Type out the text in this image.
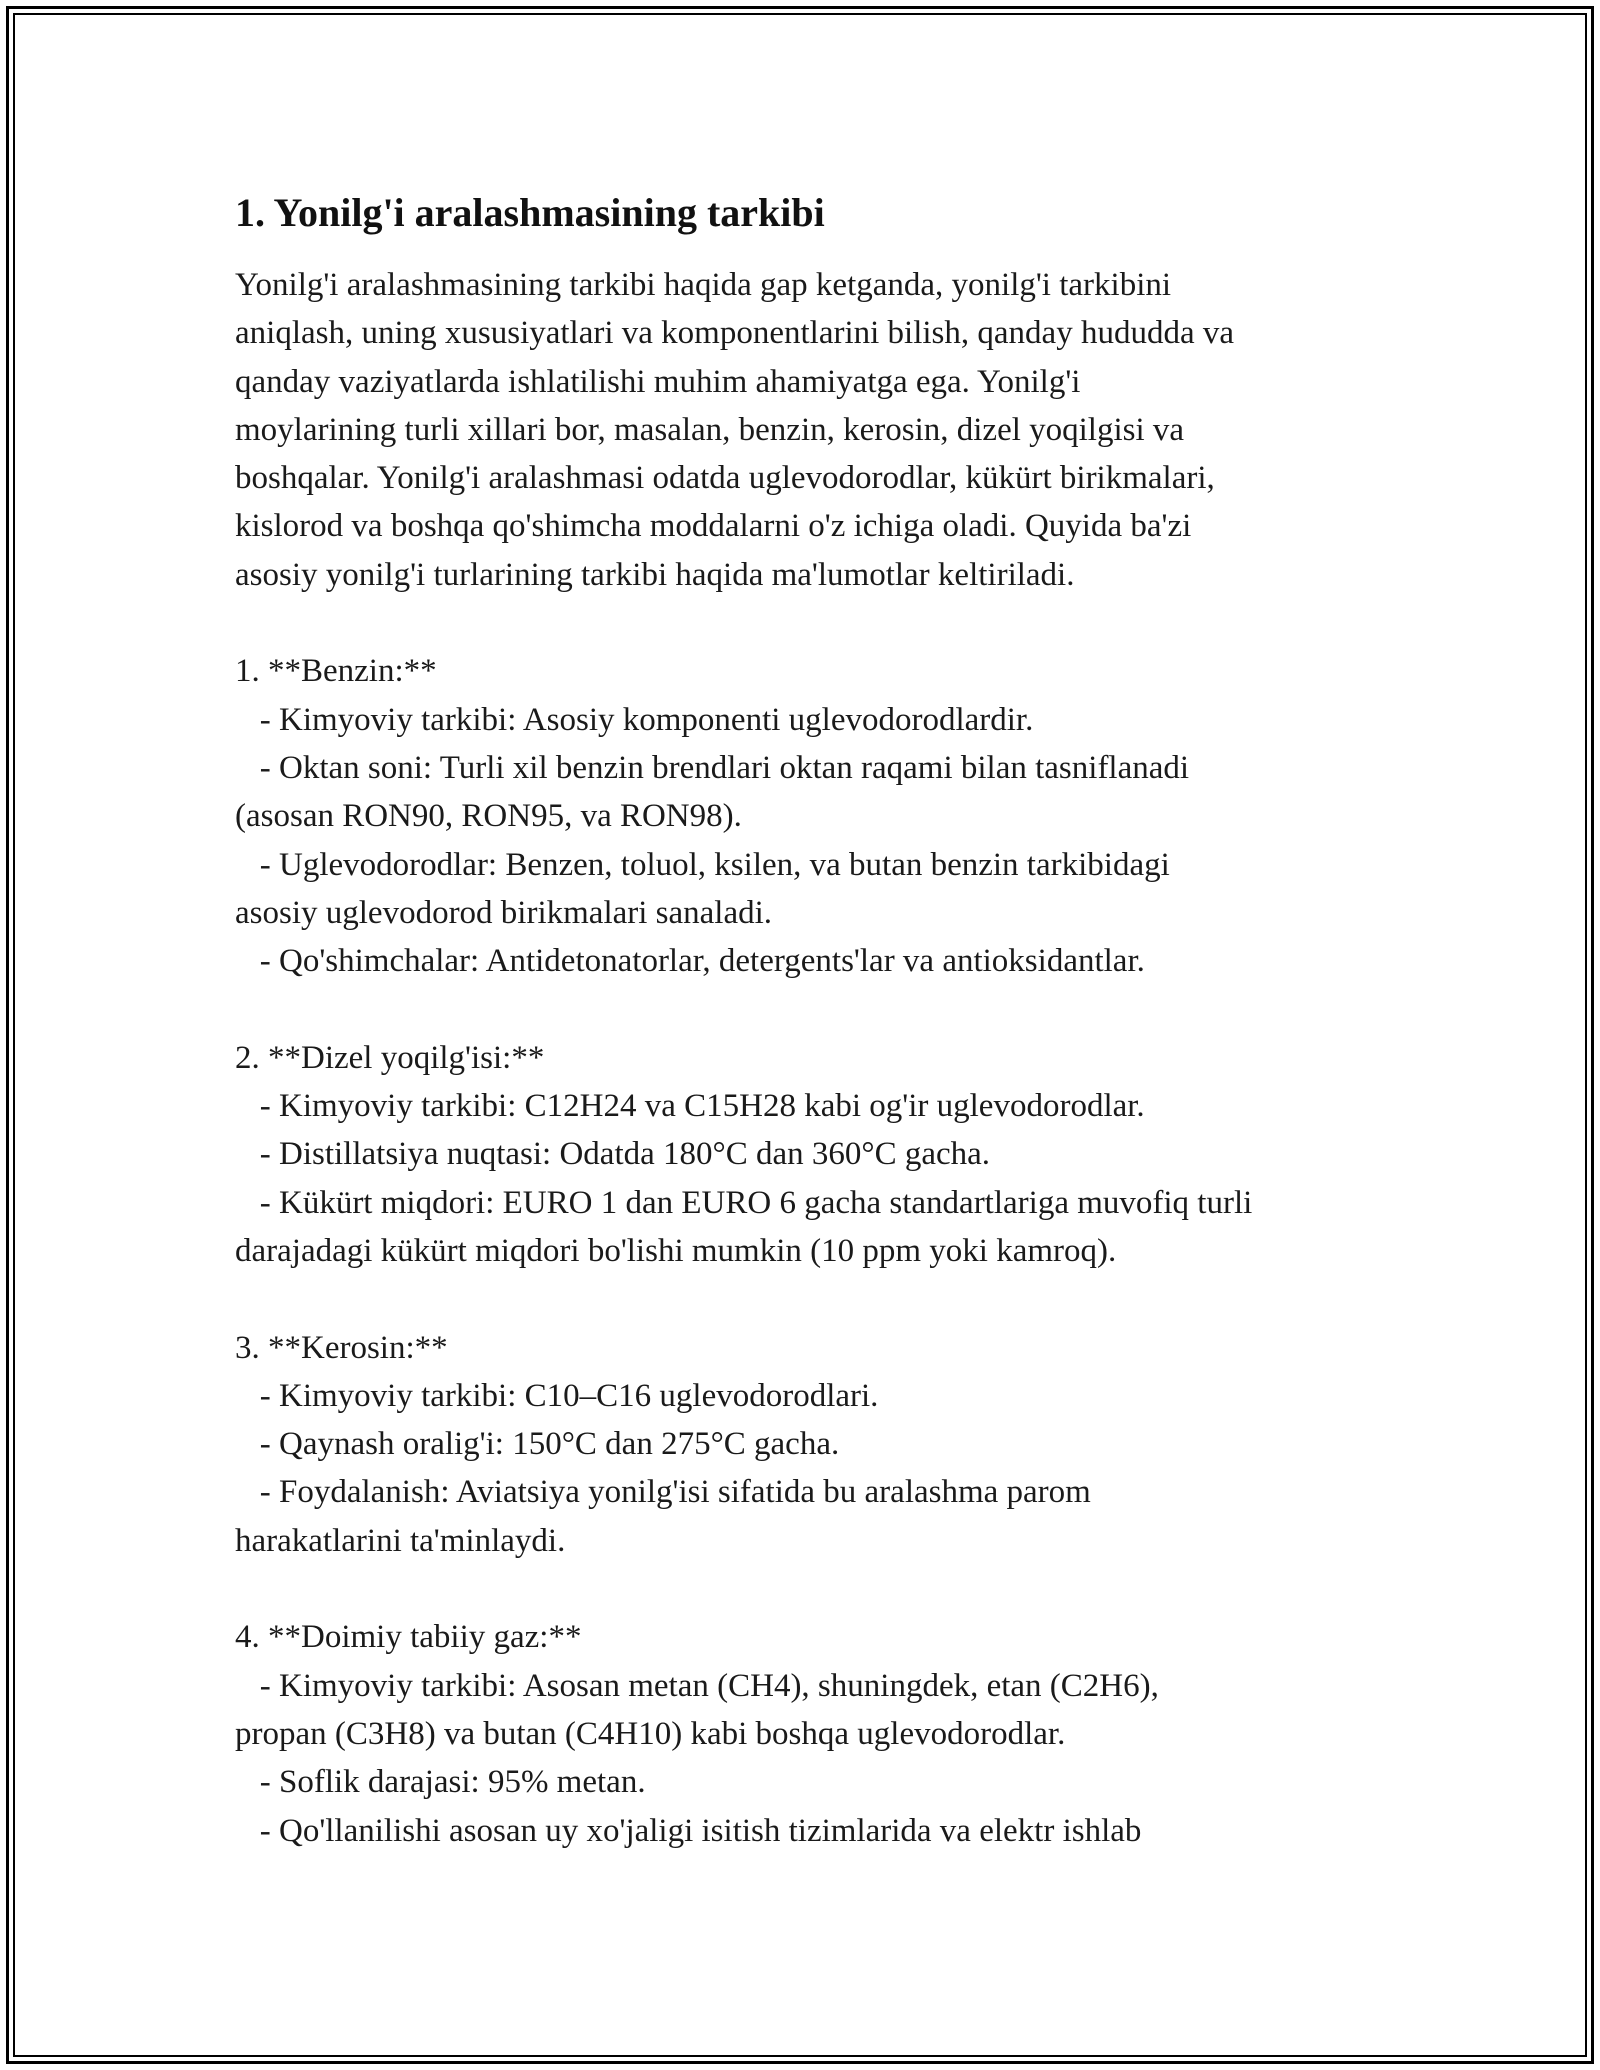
1. Yonilg'i aralashmasining tarkibi

Yonilg'i aralashmasining tarkibi haqida gap ketganda, yonilg'i tarkibini
aniqlash, uning xususiyatlari va komponentlarini bilish, qanday hududda va
qanday vaziyatlarda ishlatilishi muhim ahamiyatga ega. Yonilg'i
moylarining turli xillari bor, masalan, benzin, kerosin, dizel yoqilgisi va
boshqalar. Yonilg'i aralashmasi odatda uglevodorodlar, kükürt birikmalari,
kislorod va boshqa qo'shimcha moddalarni o'z ichiga oladi. Quyida ba'zi
asosiy yonilg'i turlarining tarkibi haqida ma'lumotlar keltiriladi.

1. **Benzin:**
- Kimyoviy tarkibi: Asosiy komponenti uglevodorodlardir.
- Oktan soni: Turli xil benzin brendlari oktan raqami bilan tasniflanadi
(asosan RON90, RON95, va RON98).
- Uglevodorodlar: Benzen, toluol, ksilen, va butan benzin tarkibidagi
asosiy uglevodorod birikmalari sanaladi.
- Qo'shimchalar: Antidetonatorlar, detergents'lar va antioksidantlar.

2. **Dizel yoqilg'isi:**
- Kimyoviy tarkibi: C12H24 va C15H28 kabi og'ir uglevodorodlar.
- Distillatsiya nuqtasi: Odatda 180°C dan 360°C gacha.
- Kükürt miqdori: EURO 1 dan EURO 6 gacha standartlariga muvofiq turli
darajadagi kükürt miqdori bo'lishi mumkin (10 ppm yoki kamroq).

3. **Kerosin:**
- Kimyoviy tarkibi: C10–C16 uglevodorodlari.
- Qaynash oralig'i: 150°C dan 275°C gacha.
- Foydalanish: Aviatsiya yonilg'isi sifatida bu aralashma parom
harakatlarini ta'minlaydi.

4. **Doimiy tabiiy gaz:**
- Kimyoviy tarkibi: Asosan metan (CH4), shuningdek, etan (C2H6),
propan (C3H8) va butan (C4H10) kabi boshqa uglevodorodlar.
- Soflik darajasi: 95% metan.
- Qo'llanilishi asosan uy xo'jaligi isitish tizimlarida va elektr ishlab
